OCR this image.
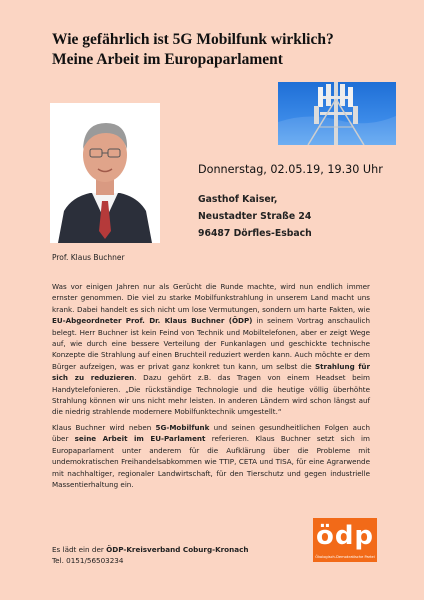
Wie gefährlich ist 5G Mobilfunk wirklich?
Meine Arbeit im Europaparlament
Donnerstag, 02.05.19, 19.30 Uhr
Gasthof Kaiser,
Neustadter Straße 24
96487 Dörfles-Esbach
Prof. Klaus Buchner
Was vor einigen Jahren nur als Gerücht die Runde machte, wird nun endlich immer ernster genommen. Die viel zu starke Mobilfunkstrahlung in unserem Land macht uns krank. Dabei handelt es sich nicht um lose Vermutungen, sondern um harte Fakten, wie EU-Abgeordneter Prof. Dr. Klaus Buchner (ÖDP) in seinem Vortrag anschaulich belegt. Herr Buchner ist kein Feind von Technik und Mobiltelefonen, aber er zeigt Wege auf, wie durch eine bessere Verteilung der Funkanlagen und geschickte technische Konzepte die Strahlung auf einen Bruchteil reduziert werden kann. Auch möchte er dem Bürger aufzeigen, was er privat ganz konkret tun kann, um selbst die Strahlung für sich zu reduzieren. Dazu gehört z.B. das Tragen von einem Headset beim Handytelefonieren. „Die rückständige Technologie und die heutige völlig überhöhte Strahlung können wir uns nicht mehr leisten. In anderen Ländern wird schon längst auf die niedrig strahlende modernere Mobilfunktechnik umgestellt.“
Klaus Buchner wird neben 5G-Mobilfunk und seinen gesundheitlichen Folgen auch über seine Arbeit im EU-Parlament referieren. Klaus Buchner setzt sich im Europaparlament unter anderem für die Aufklärung über die Probleme mit undemokratischen Freihandelsabkommen wie TTIP, CETA und TISA, für eine Agrarwende mit nachhaltiger, regionaler Landwirtschaft, für den Tierschutz und gegen industrielle Massentierhaltung ein.
Es lädt ein der ÖDP-Kreisverband Coburg-Kronach
Tel. 0151/56503234
ödp
Ökologisch-Demokratische Partei
